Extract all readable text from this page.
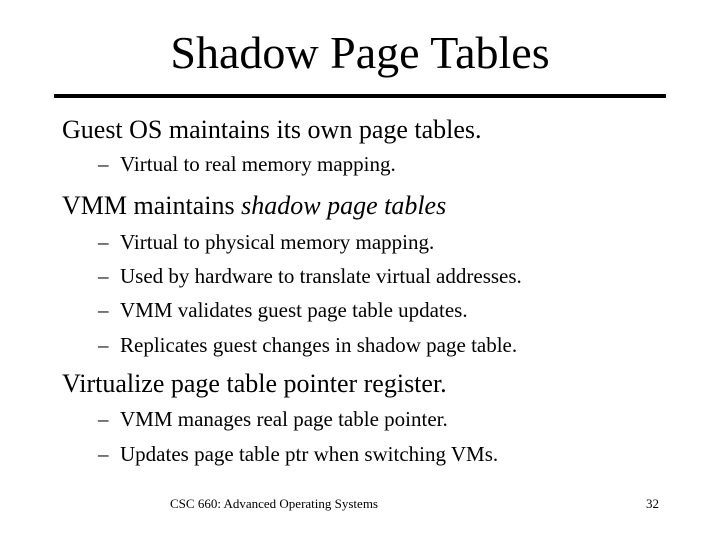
Shadow Page Tables
Guest OS maintains its own page tables.
– Virtual to real memory mapping.
VMM maintains shadow page tables
– Virtual to physical memory mapping.
– Used by hardware to translate virtual addresses.
– VMM validates guest page table updates.
– Replicates guest changes in shadow page table.
Virtualize page table pointer register.
– VMM manages real page table pointer.
– Updates page table ptr when switching VMs.
CSC 660: Advanced Operating Systems	32
